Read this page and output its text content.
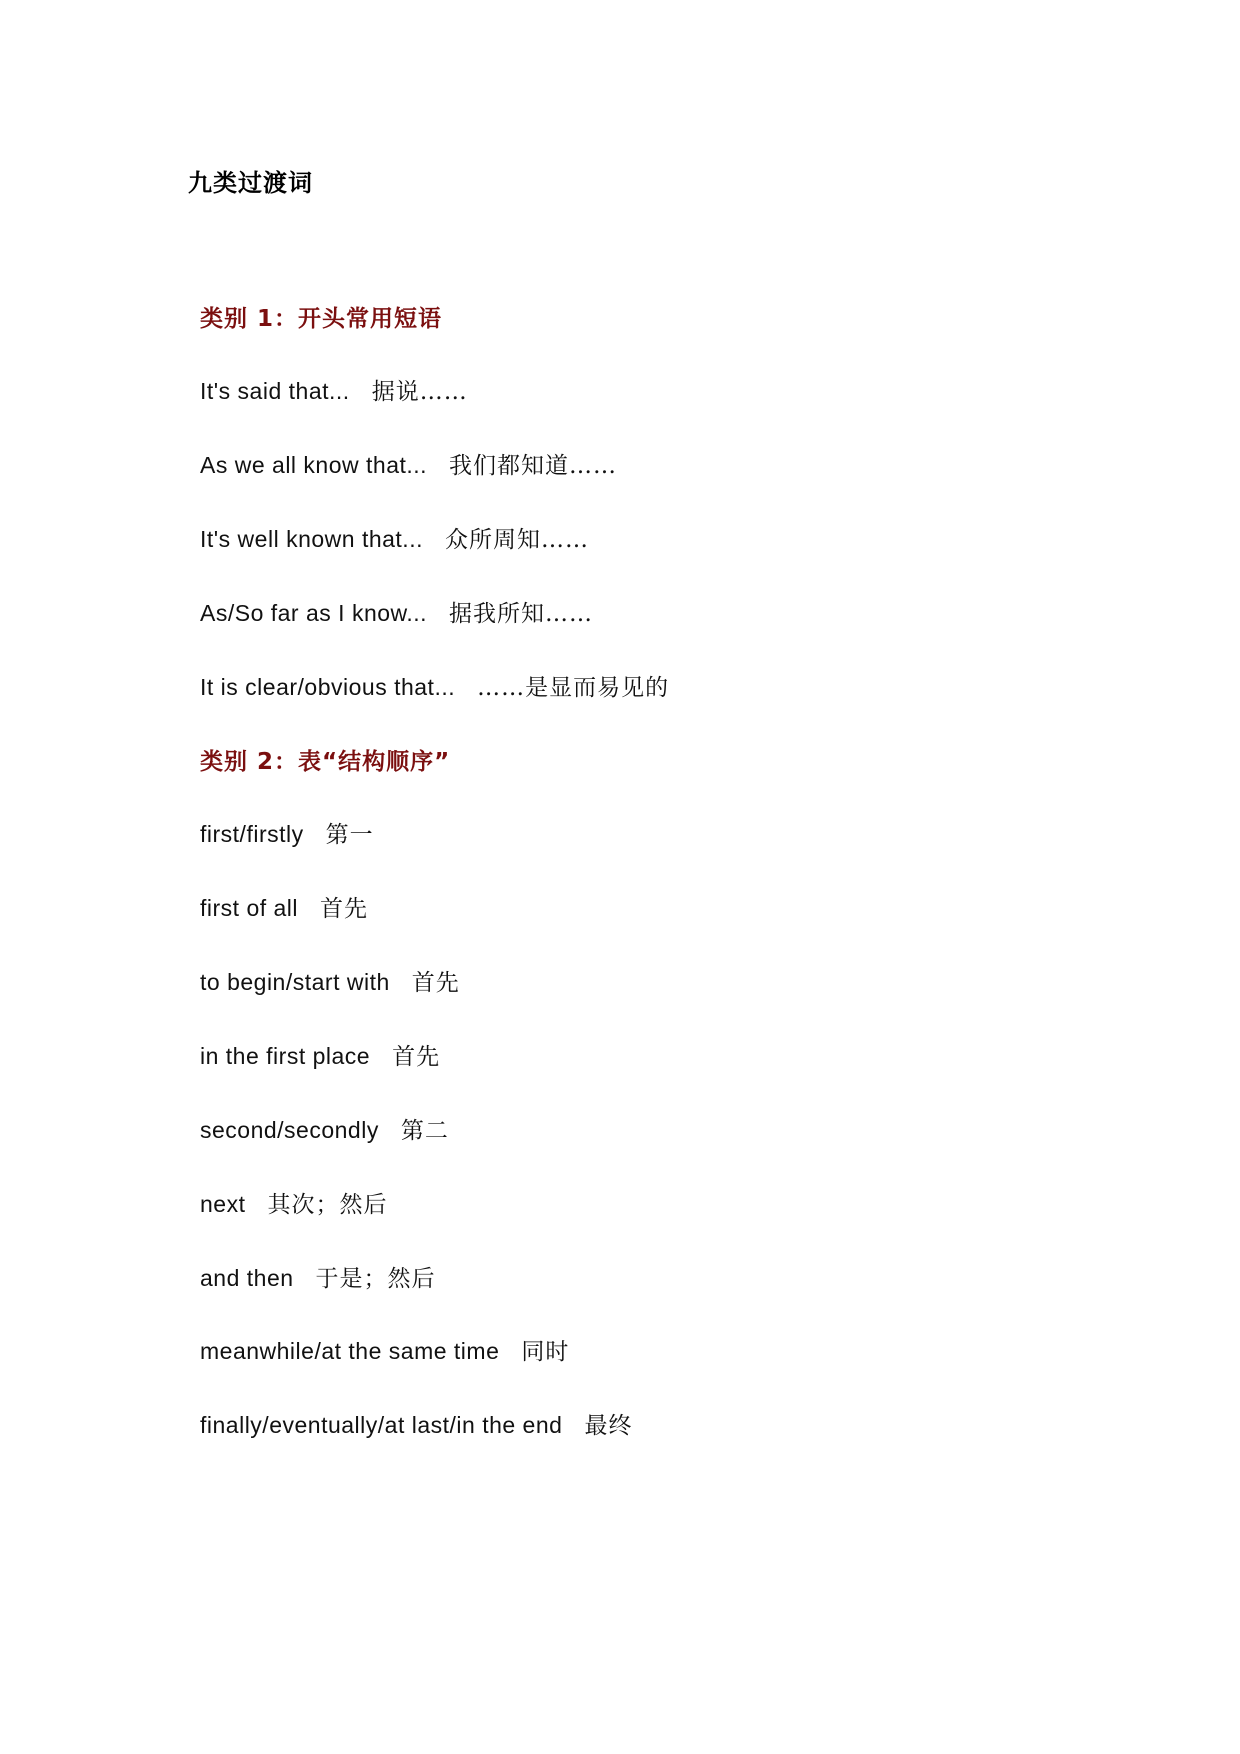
九类过渡词
类别 1：开头常用短语
It's said that... 据说……
As we all know that... 我们都知道……
It's well known that... 众所周知……
As/So far as I know... 据我所知……
It is clear/obvious that... ……是显而易见的
类别 2：表“结构顺序”
first/firstly 第一
first of all 首先
to begin/start with 首先
in the first place 首先
second/secondly 第二
next 其次；然后
and then 于是；然后
meanwhile/at the same time 同时
finally/eventually/at last/in the end 最终
